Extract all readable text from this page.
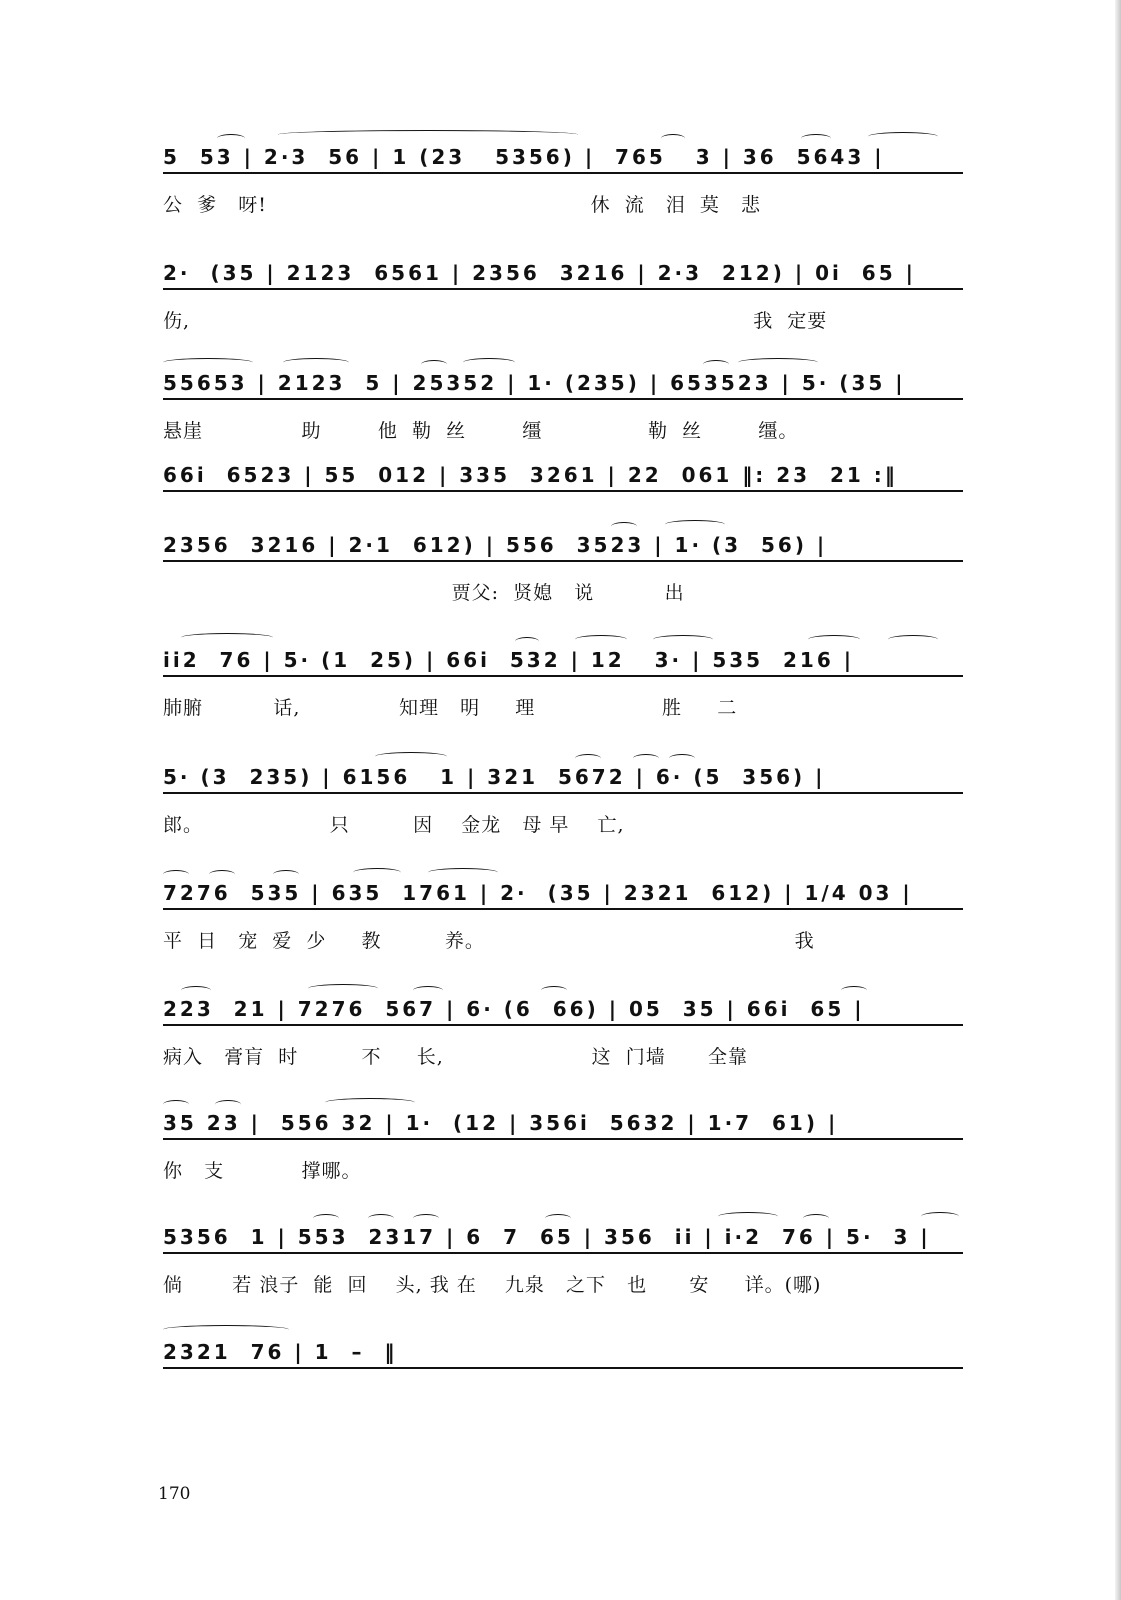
5  53 | 2·3  56 | 1 (23   5356) |  765   3 | 36  5643 |
公  爹   呀!                                              休  流   泪  莫   悲
2·  (35 | 2123  6561 | 2356  3216 | 2·3  212) | 0i  65 |
伤,                                                                                我  定要
55653 | 2123  5 | 25352 | 1· (235) | 653523 | 5· (35 |
悬崖              助        他  勒  丝        缰               勒  丝        缰。
66i  6523 | 55  012 | 335  3261 | 22  061 ‖: 23  21 :‖
2356  3216 | 2·1  612) | 556  3523 | 1· (3  56) |
贾父:  贤媳   说          出
ii2  76 | 5· (1  25) | 66i  532 | 12   3· | 535  216 |
肺腑          话,              知理   明     理                  胜     二
5· (3  235) | 6156   1 | 321  5672 | 6· (5  356) |
郎。                  只         因    金龙   母 早    亡,
7276  535 | 635  1761 | 2·  (35 | 2321  612) | 1/4 03 |
平  日   宠  爱  少     教         养。                                            我
223  21 | 7276  567 | 6· (6  66) | 05  35 | 66i  65 |
病入   膏肓  时         不     长,                     这  门墙      全靠
35 23 |  556 32 | 1·  (12 | 356i  5632 | 1·7  61) |
你   支           撑哪。
5356  1 | 553  2317 | 6  7  65 | 356  ii | i·2  76 | 5·  3 |
倘       若 浪子  能  回    头, 我 在    九泉   之下   也      安     详。(哪)
2321  76 | 1  –  ‖
170
